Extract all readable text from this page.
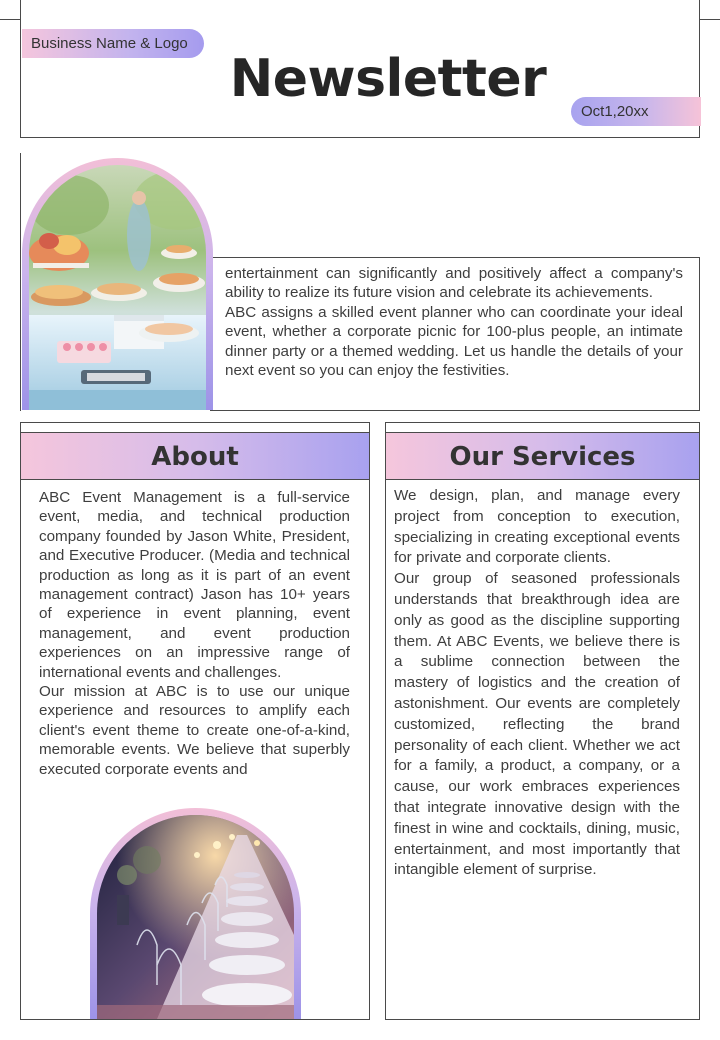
Business Name & Logo
Newsletter
Oct1,20xx

entertainment can significantly and positively affect a company's ability to realize its future vision and celebrate its achievements.

ABC assigns a skilled event planner who can coordinate your ideal event, whether a corporate picnic for 100-plus people, an intimate dinner party or a themed wedding. Let us handle the details of your next event so you can enjoy the festivities.

About

ABC Event Management is a full-service event, media, and technical production company founded by Jason White, President, and Executive Producer. (Media and technical production as long as it is part of an event management contract) Jason has 10+ years of experience in event planning, event management, and event production experiences on an impressive range of international events and challenges.

Our mission at ABC is to use our unique experience and resources to amplify each client's event theme to create one-of-a-kind, memorable events. We believe that superbly executed corporate events and

Our Services

We design, plan, and manage every project from conception to execution, specializing in creating exceptional events for private and corporate clients.

Our group of seasoned professionals understands that breakthrough idea are only as good as the discipline supporting them. At ABC Events, we believe there is a sublime connection between the mastery of logistics and the creation of astonishment. Our events are completely customized, reflecting the brand personality of each client. Whether we act for a family, a product, a company, or a cause, our work embraces experiences that integrate innovative design with the finest in wine and cocktails, dining, music, entertainment, and most importantly that intangible element of surprise.
